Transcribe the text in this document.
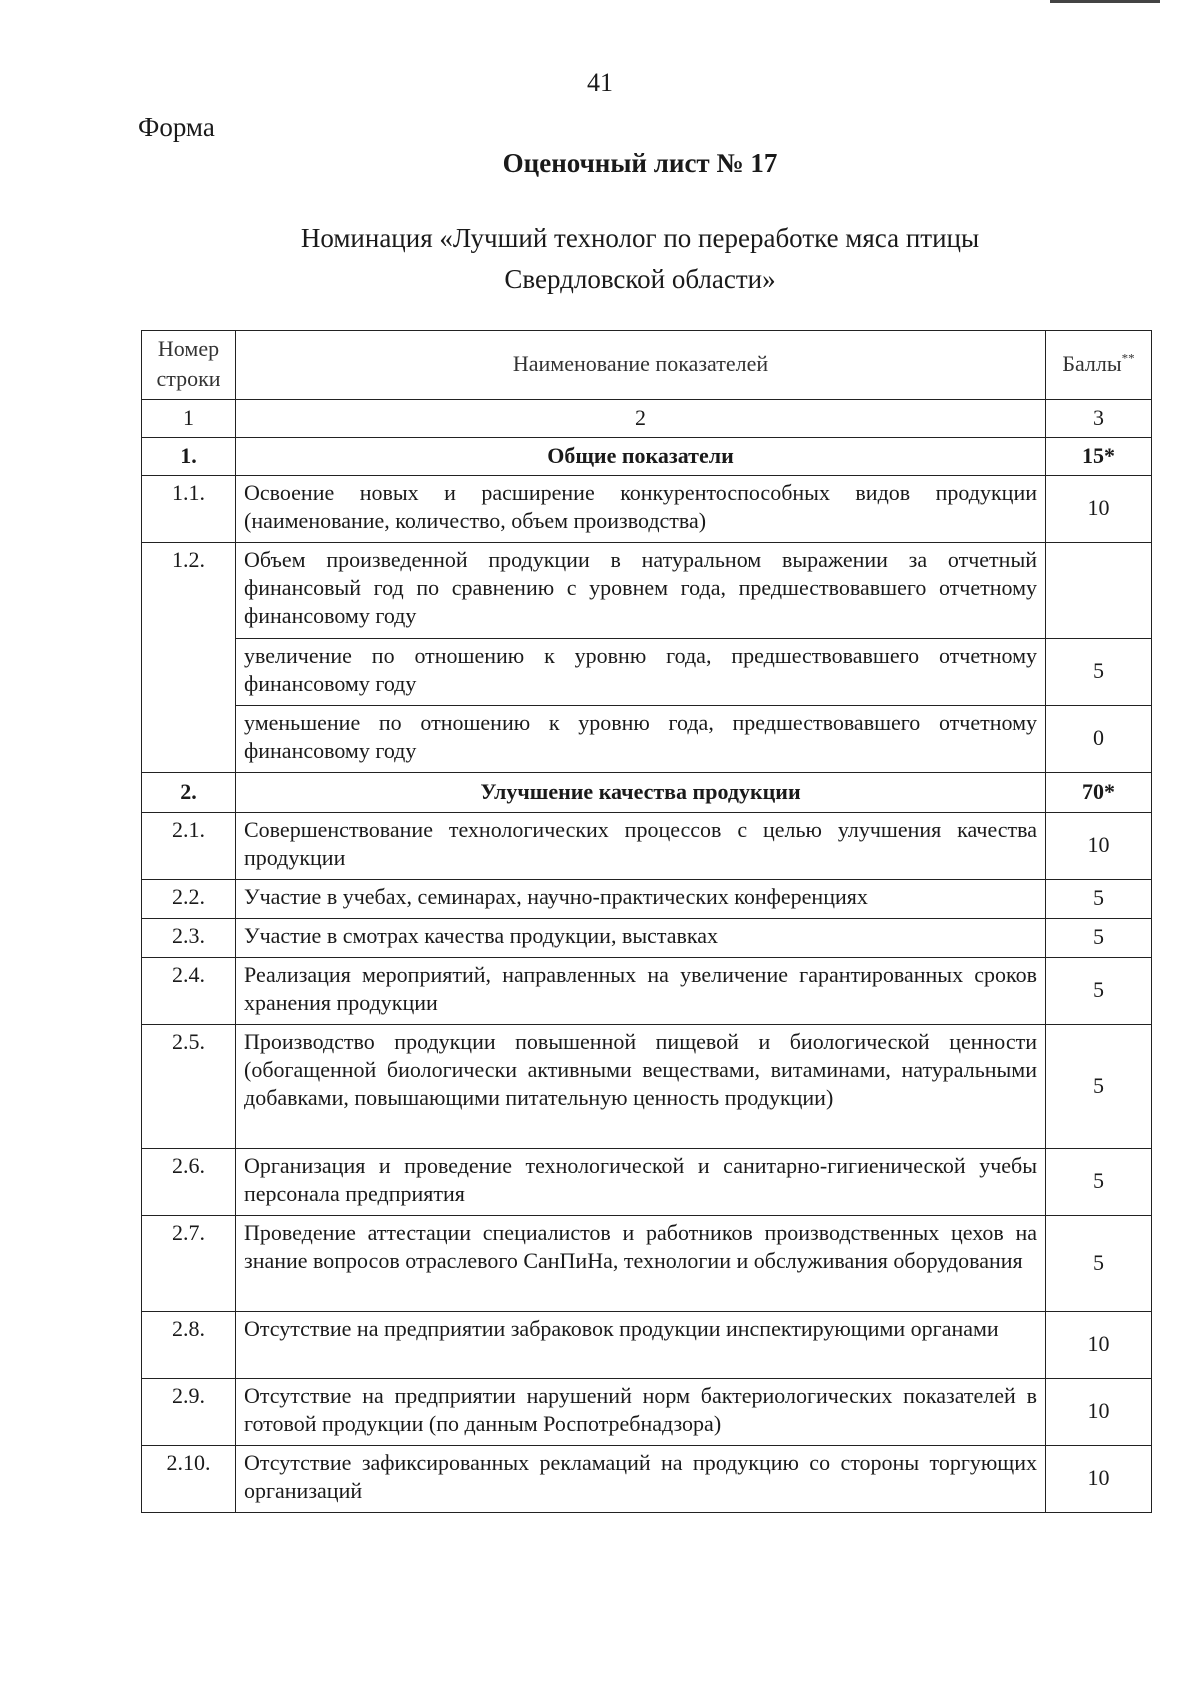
41
Форма
Оценочный лист № 17
Номинация «Лучший технолог по переработке мяса птицы
Свердловской области»
Номер строки	Наименование показателей	Баллы**
1	2	3
1.	Общие показатели	15*
1.1.	Освоение новых и расширение конкурентоспособных видов продукции (наименование, количество, объем производства)	10
1.2.	Объем произведенной продукции в натуральном выражении за отчетный финансовый год по сравнению с уровнем года, предшествовавшего отчетному финансовому году	
	увеличение по отношению к уровню года, предшествовавшего отчетному финансовому году	5
	уменьшение по отношению к уровню года, предшествовавшего отчетному финансовому году	0
2.	Улучшение качества продукции	70*
2.1.	Совершенствование технологических процессов с целью улучшения качества продукции	10
2.2.	Участие в учебах, семинарах, научно-практических конференциях	5
2.3.	Участие в смотрах качества продукции, выставках	5
2.4.	Реализация мероприятий, направленных на увеличение гарантированных сроков хранения продукции	5
2.5.	Производство продукции повышенной пищевой и биологической ценности (обогащенной биологически активными веществами, витаминами, натуральными добавками, повышающими питательную ценность продукции)	5
2.6.	Организация и проведение технологической и санитарно-гигиенической учебы персонала предприятия	5
2.7.	Проведение аттестации специалистов и работников производственных цехов на знание вопросов отраслевого СанПиНа, технологии и обслуживания оборудования	5
2.8.	Отсутствие на предприятии забраковок продукции инспектирующими органами	10
2.9.	Отсутствие на предприятии нарушений норм бактериологических показателей в готовой продукции (по данным Роспотребнадзора)	10
2.10.	Отсутствие зафиксированных рекламаций на продукцию со стороны торгующих организаций	10
